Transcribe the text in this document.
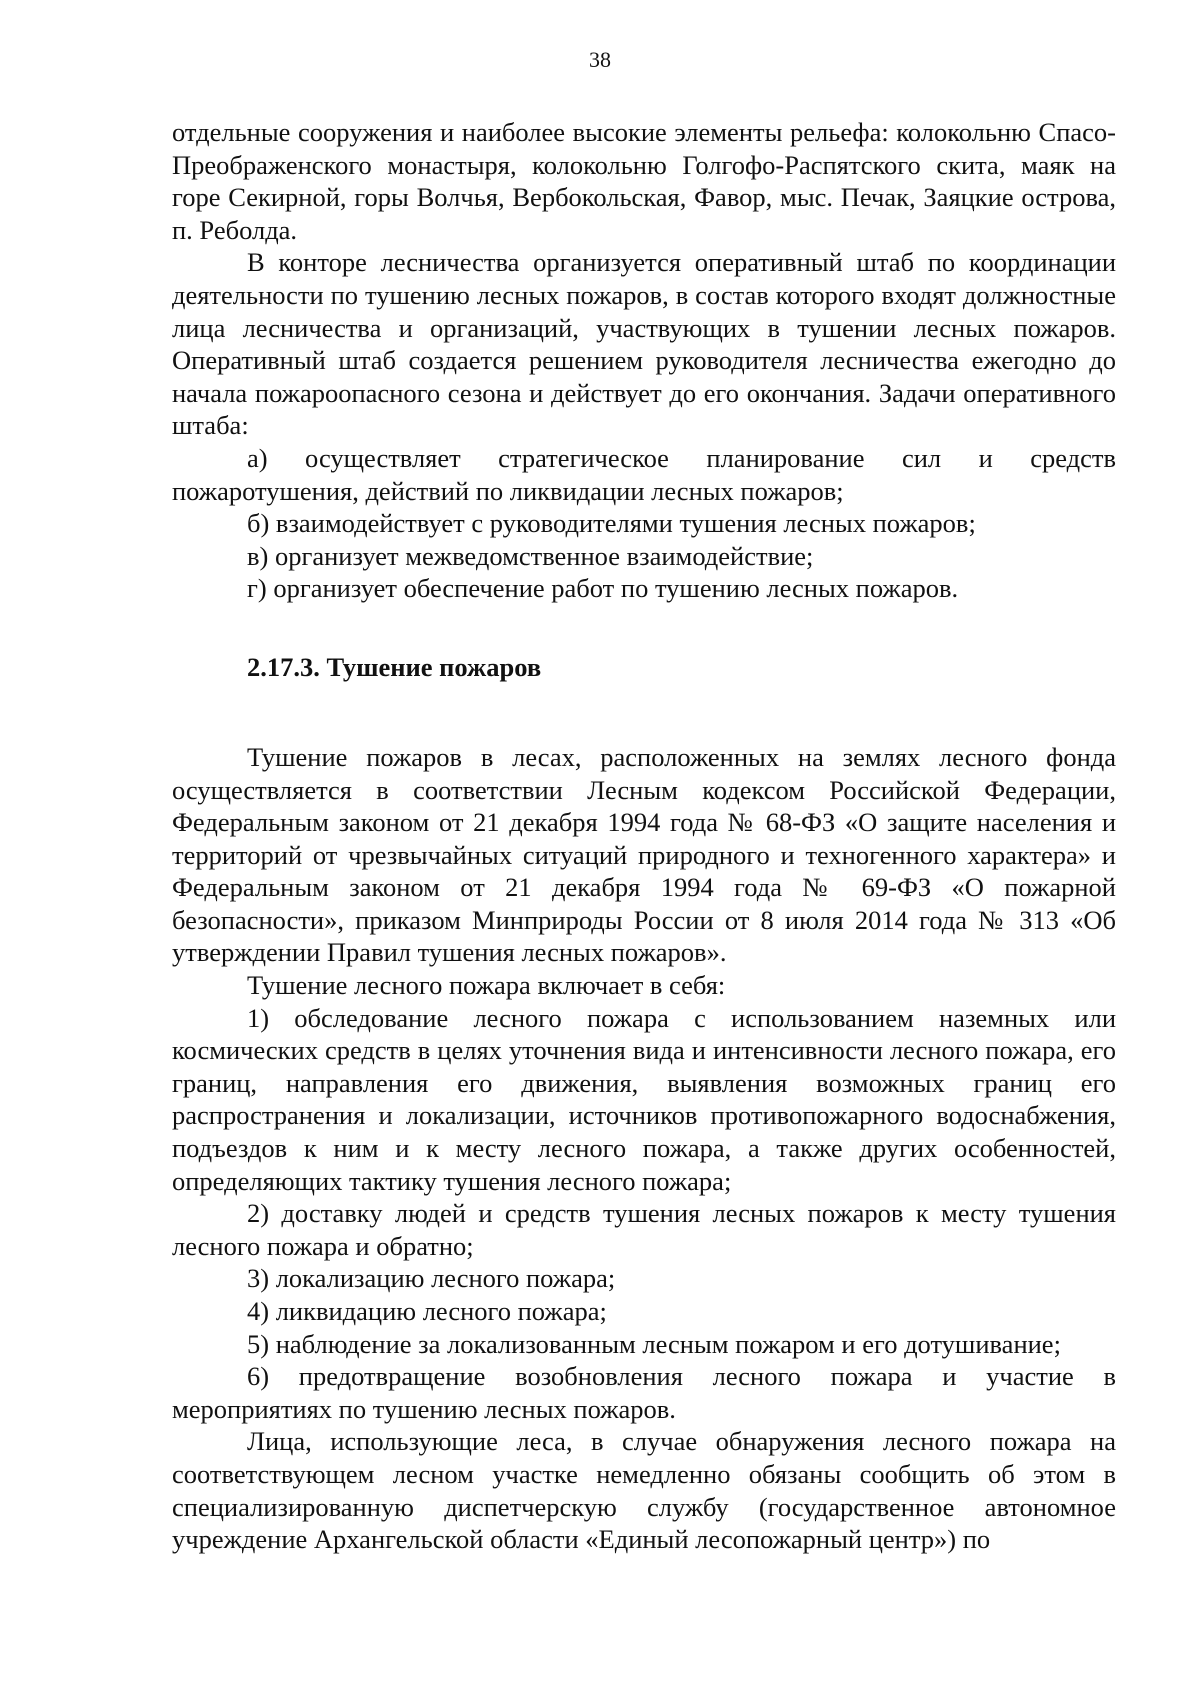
38

отдельные сооружения и наиболее высокие элементы рельефа: колокольню Спасо-Преображенского монастыря, колокольню Голгофо-Распятского скита, маяк на горе Секирной, горы Волчья, Вербокольская, Фавор, мыс. Печак, Заяцкие острова, п. Реболда.

В конторе лесничества организуется оперативный штаб по координации деятельности по тушению лесных пожаров, в состав которого входят должностные лица лесничества и организаций, участвующих в тушении лесных пожаров. Оперативный штаб создается решением руководителя лесничества ежегодно до начала пожароопасного сезона и действует до его окончания. Задачи оперативного штаба:

а) осуществляет стратегическое планирование сил и средств пожаротушения, действий по ликвидации лесных пожаров;

б) взаимодействует с руководителями тушения лесных пожаров;

в) организует межведомственное взаимодействие;

г) организует обеспечение работ по тушению лесных пожаров.

2.17.3. Тушение пожаров

Тушение пожаров в лесах, расположенных на землях лесного фонда осуществляется в соответствии Лесным кодексом Российской Федерации, Федеральным законом от 21 декабря 1994 года № 68-ФЗ «О защите населения и территорий от чрезвычайных ситуаций природного и техногенного характера» и Федеральным законом от 21 декабря 1994 года № 69-ФЗ «О пожарной безопасности», приказом Минприроды России от 8 июля 2014 года № 313 «Об утверждении Правил тушения лесных пожаров».

Тушение лесного пожара включает в себя:

1) обследование лесного пожара с использованием наземных или космических средств в целях уточнения вида и интенсивности лесного пожара, его границ, направления его движения, выявления возможных границ его распространения и локализации, источников противопожарного водоснабжения, подъездов к ним и к месту лесного пожара, а также других особенностей, определяющих тактику тушения лесного пожара;

2) доставку людей и средств тушения лесных пожаров к месту тушения лесного пожара и обратно;

3) локализацию лесного пожара;

4) ликвидацию лесного пожара;

5) наблюдение за локализованным лесным пожаром и его дотушивание;

6) предотвращение возобновления лесного пожара и участие в мероприятиях по тушению лесных пожаров.

Лица, использующие леса, в случае обнаружения лесного пожара на соответствующем лесном участке немедленно обязаны сообщить об этом в специализированную диспетчерскую службу (государственное автономное учреждение Архангельской области «Единый лесопожарный центр») по
